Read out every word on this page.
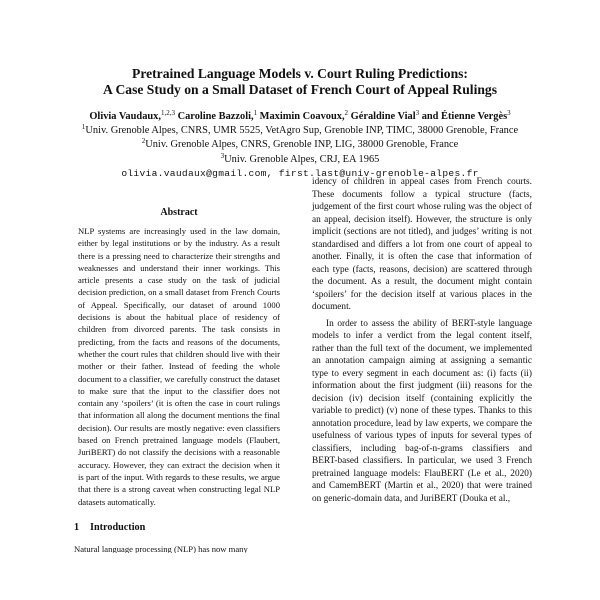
Pretrained Language Models v. Court Ruling Predictions:
A Case Study on a Small Dataset of French Court of Appeal Rulings
Olivia Vaudaux,$^{1,2,3}$ Caroline Bazzoli,$^1$ Maximin Coavoux,$^2$ Géraldine Vial$^3$ and Étienne Vergès$^3$
$^1$Univ. Grenoble Alpes, CNRS, UMR 5525, VetAgro Sup, Grenoble INP, TIMC, 38000 Grenoble, France
$^2$Univ. Grenoble Alpes, CNRS, Grenoble INP, LIG, 38000 Grenoble, France
$^3$Univ. Grenoble Alpes, CRJ, EA 1965
olivia.vaudaux@gmail.com, first.last@univ-grenoble-alpes.fr
Abstract
NLP systems are increasingly used in the law domain, either by legal institutions or by the industry. As a result there is a pressing need to characterize their strengths and weaknesses and understand their inner workings. This article presents a case study on the task of judicial decision prediction, on a small dataset from French Courts of Appeal. Specifically, our dataset of around 1000 decisions is about the habitual place of residency of children from divorced parents. The task consists in predicting, from the facts and reasons of the documents, whether the court rules that children should live with their mother or their father. Instead of feeding the whole document to a classifier, we carefully construct the dataset to make sure that the input to the classifier does not contain any ‘spoilers’ (it is often the case in court rulings that information all along the document mentions the final decision). Our results are mostly negative: even classifiers based on French pretrained language models (Flaubert, JuriBERT) do not classify the decisions with a reasonable accuracy. However, they can extract the decision when it is part of the input. With regards to these results, we argue that there is a strong caveat when constructing legal NLP datasets automatically.
1 Introduction
Natural language processing (NLP) has now many

idency of children in appeal cases from French courts. These documents follow a typical structure (facts, judgement of the first court whose ruling was the object of an appeal, decision itself). However, the structure is only implicit (sections are not titled), and judges’ writing is not standardised and differs a lot from one court of appeal to another. Finally, it is often the case that information of each type (facts, reasons, decision) are scattered through the document. As a result, the document might contain ‘spoilers’ for the decision itself at various places in the document.

In order to assess the ability of BERT-style language models to infer a verdict from the legal content itself, rather than the full text of the document, we implemented an annotation campaign aiming at assigning a semantic type to every segment in each document as: (i) facts (ii) information about the first judgment (iii) reasons for the decision (iv) decision itself (containing explicitly the variable to predict) (v) none of these types. Thanks to this annotation procedure, lead by law experts, we compare the usefulness of various types of inputs for several types of classifiers, including bag-of-n-grams classifiers and BERT-based classifiers. In particular, we used 3 French pretrained language models: FlauBERT (Le et al., 2020) and CamemBERT (Martin et al., 2020) that were trained on generic-domain data, and JuriBERT (Douka et al.,
